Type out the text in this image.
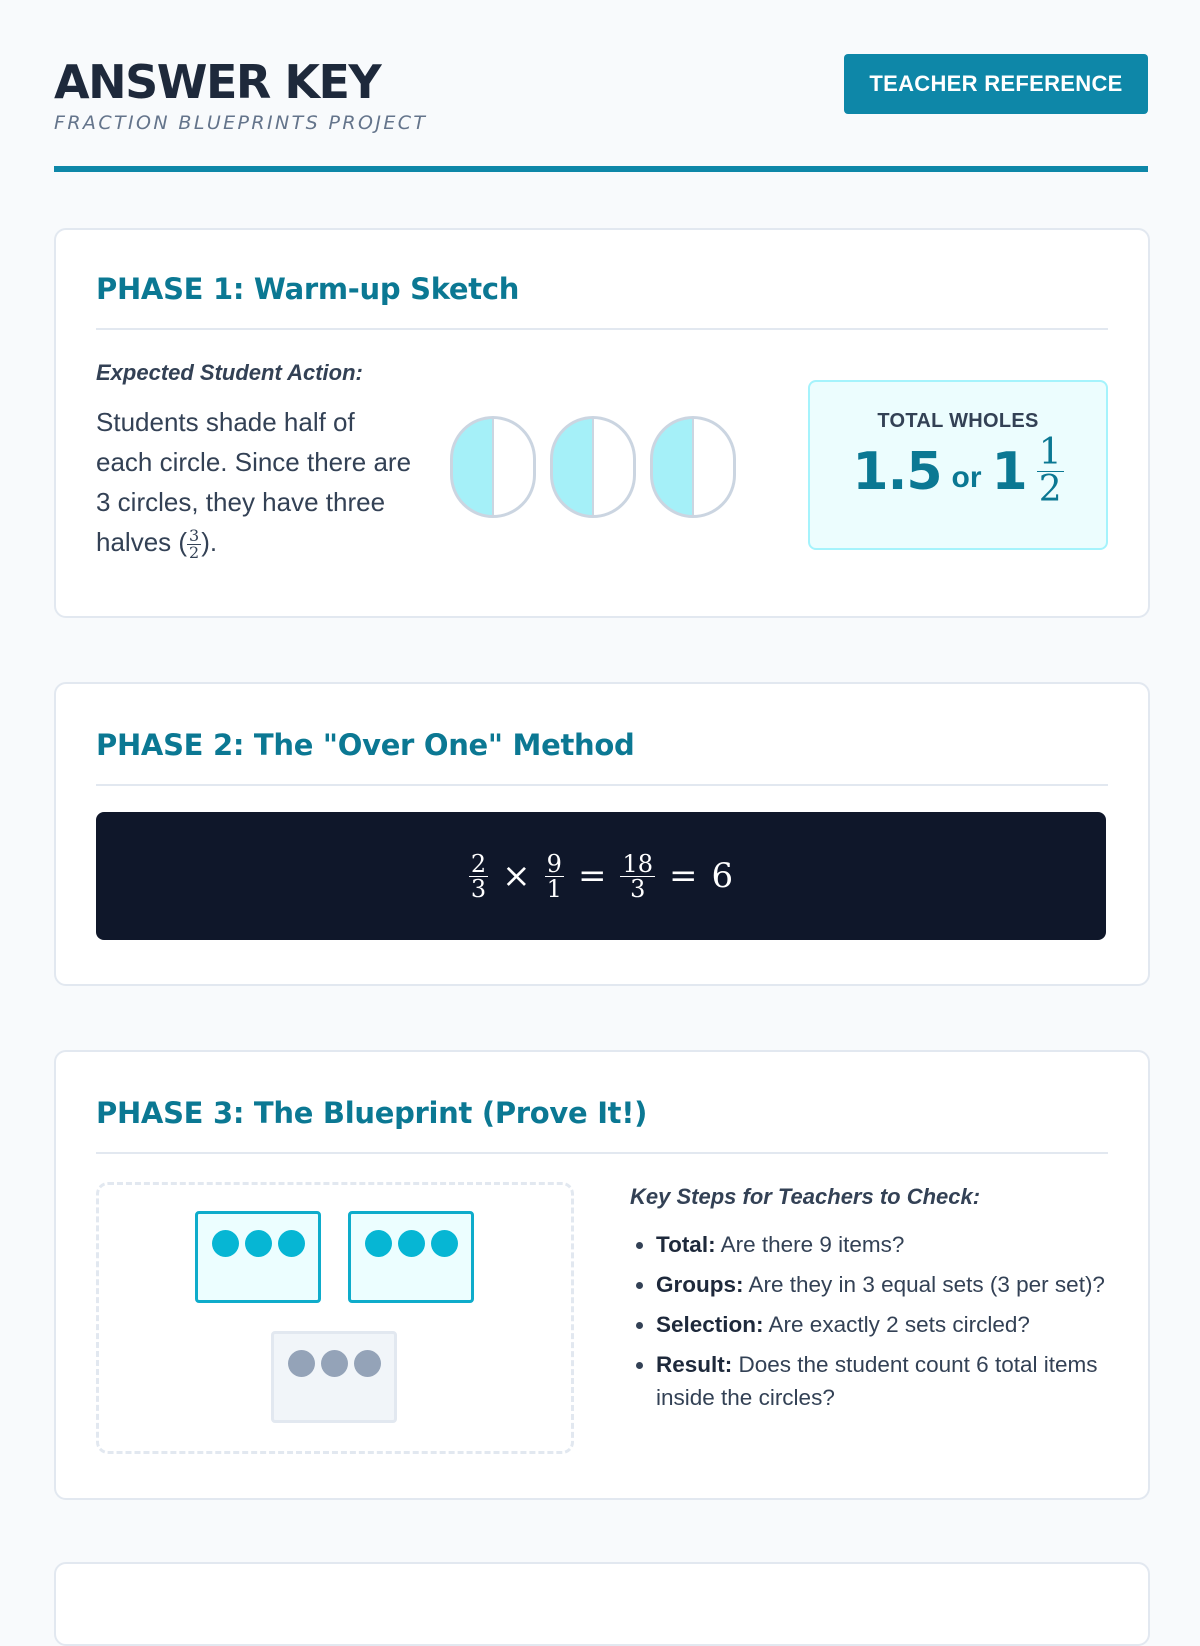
ANSWER KEY
FRACTION BLUEPRINTS PROJECT
TEACHER REFERENCE
PHASE 1: Warm-up Sketch
Expected Student Action:
Students shade half of each circle. Since there are 3 circles, they have three halves ( $\frac{3}{2}$ ).
TOTAL WHOLES
1.5 or $1 \frac{1}{2}$
PHASE 2: The "Over One" Method
$\frac{2}{3} \times \frac{9}{1} = \frac{18}{3} = 6$
PHASE 3: The Blueprint (Prove It!)
Key Steps for Teachers to Check:
• Total: Are there 9 items?
• Groups: Are they in 3 equal sets (3 per set)?
• Selection: Are exactly 2 sets circled?
• Result: Does the student count 6 total items inside the circles?
